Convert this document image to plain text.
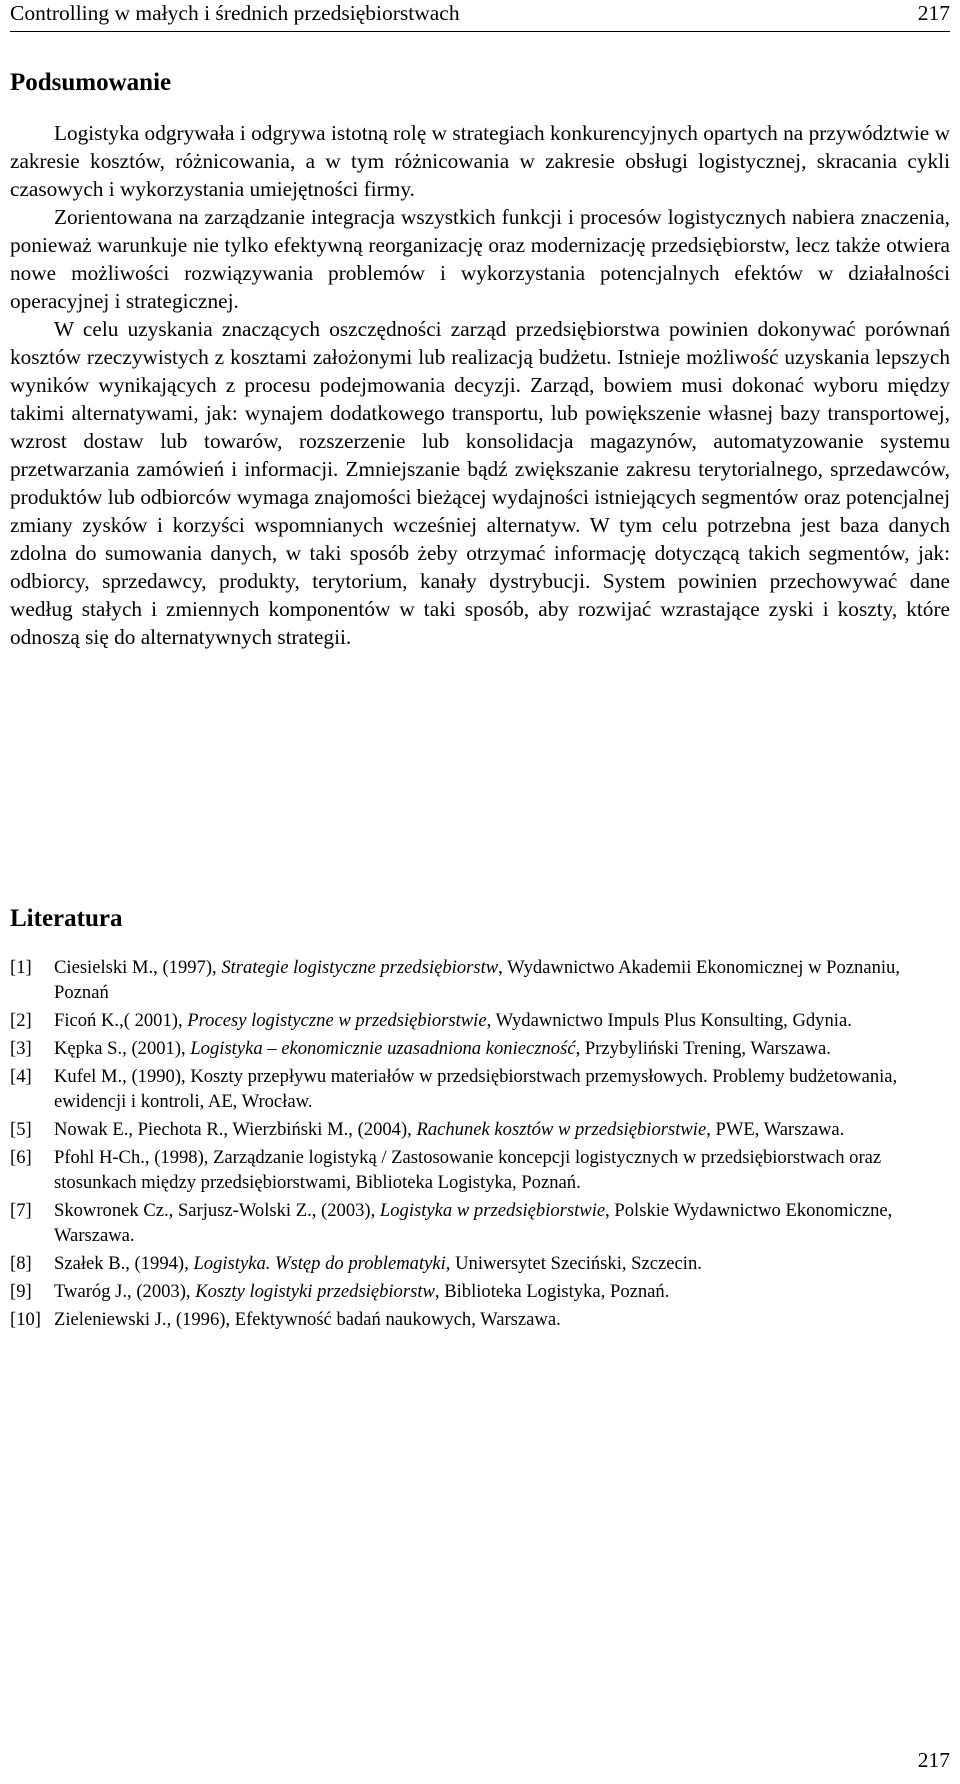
Controlling w małych i średnich przedsiębiorstwach	217
Podsumowanie

Logistyka odgrywała i odgrywa istotną rolę w strategiach konkurencyjnych opartych na przywództwie w zakresie kosztów, różnicowania, a w tym różnicowania w zakresie obsługi logistycznej, skracania cykli czasowych i wykorzystania umiejętności firmy.

Zorientowana na zarządzanie integracja wszystkich funkcji i procesów logistycznych nabiera znaczenia, ponieważ warunkuje nie tylko efektywną reorganizację oraz modernizację przedsiębiorstw, lecz także otwiera nowe możliwości rozwiązywania problemów i wykorzystania potencjalnych efektów w działalności operacyjnej i strategicznej.

W celu uzyskania znaczących oszczędności zarząd przedsiębiorstwa powinien dokonywać porównań kosztów rzeczywistych z kosztami założonymi lub realizacją budżetu. Istnieje możliwość uzyskania lepszych wyników wynikających z procesu podejmowania decyzji. Zarząd, bowiem musi dokonać wyboru między takimi alternatywami, jak: wynajem dodatkowego transportu, lub powiększenie własnej bazy transportowej, wzrost dostaw lub towarów, rozszerzenie lub konsolidacja magazynów, automatyzowanie systemu przetwarzania zamówień i informacji. Zmniejszanie bądź zwiększanie zakresu terytorialnego, sprzedawców, produktów lub odbiorców wymaga znajomości bieżącej wydajności istniejących segmentów oraz potencjalnej zmiany zysków i korzyści wspomnianych wcześniej alternatyw. W tym celu potrzebna jest baza danych zdolna do sumowania danych, w taki sposób żeby otrzymać informację dotyczącą takich segmentów, jak: odbiorcy, sprzedawcy, produkty, terytorium, kanały dystrybucji. System powinien przechowywać dane według stałych i zmiennych komponentów w taki sposób, aby rozwijać wzrastające zyski i koszty, które odnoszą się do alternatywnych strategii.

Literatura
[1] Ciesielski M., (1997), Strategie logistyczne przedsiębiorstw, Wydawnictwo Akademii Ekonomicznej w Poznaniu, Poznań
[2] Ficoń K.,( 2001), Procesy logistyczne w przedsiębiorstwie, Wydawnictwo Impuls Plus Konsulting, Gdynia.
[3] Kępka S., (2001), Logistyka – ekonomicznie uzasadniona konieczność, Przybyliński Trening, Warszawa.
[4] Kufel M., (1990), Koszty przepływu materiałów w przedsiębiorstwach przemysłowych. Problemy budżetowania, ewidencji i kontroli, AE, Wrocław.
[5] Nowak E., Piechota R., Wierzbiński M., (2004), Rachunek kosztów w przedsiębiorstwie, PWE, Warszawa.
[6] Pfohl H-Ch., (1998), Zarządzanie logistyką / Zastosowanie koncepcji logistycznych w przedsiębiorstwach oraz stosunkach między przedsiębiorstwami, Biblioteka Logistyka, Poznań.
[7] Skowronek Cz., Sarjusz-Wolski Z., (2003), Logistyka w przedsiębiorstwie, Polskie Wydawnictwo Ekonomiczne, Warszawa.
[8] Szałek B., (1994), Logistyka. Wstęp do problematyki, Uniwersytet Szeciński, Szczecin.
[9] Twaróg J., (2003), Koszty logistyki przedsiębiorstw, Biblioteka Logistyka, Poznań.
[10] Zieleniewski J., (1996), Efektywność badań naukowych, Warszawa.
217
